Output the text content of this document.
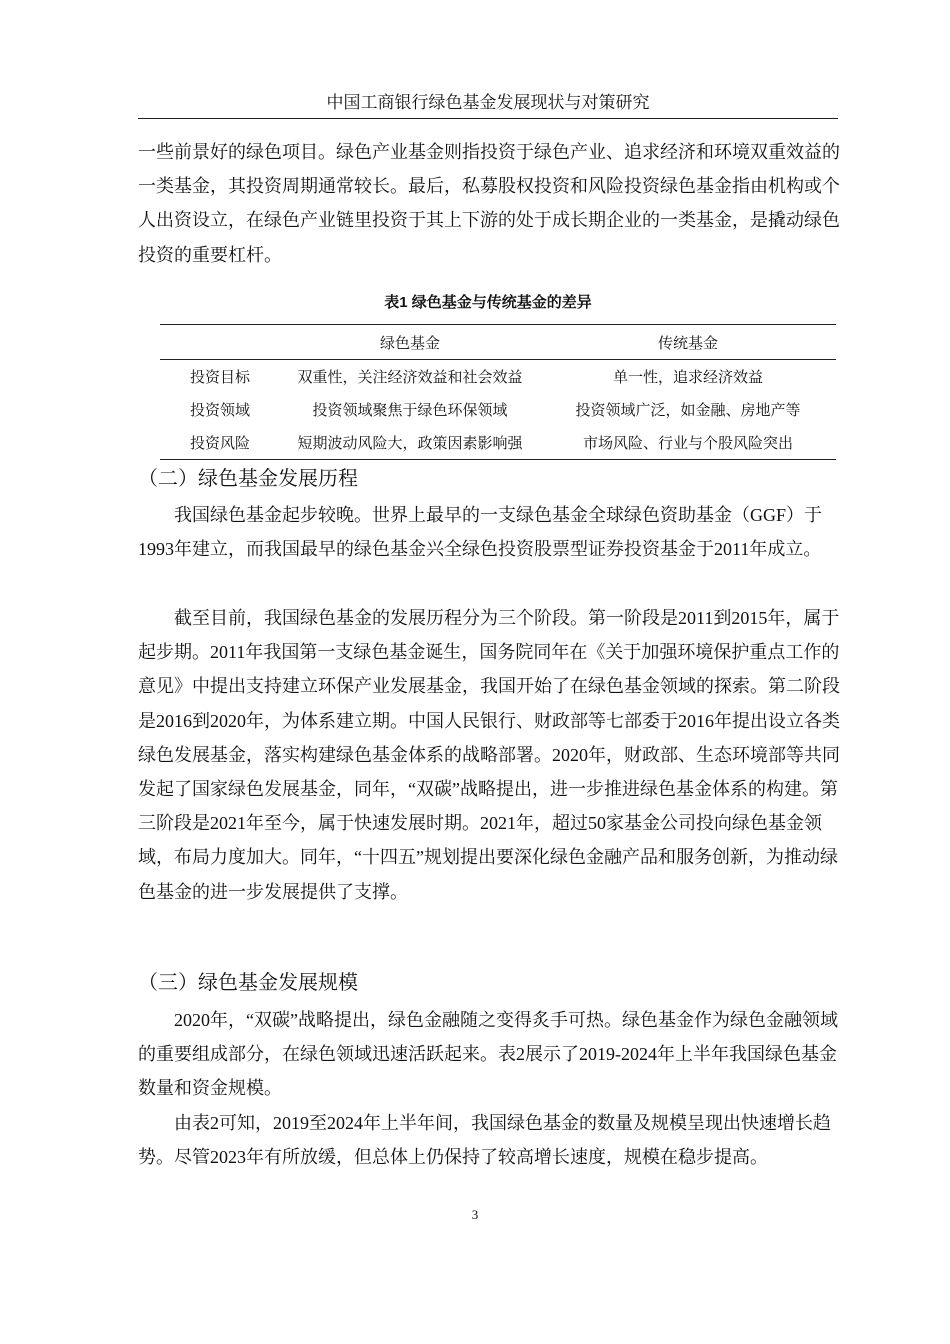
中国工商银行绿色基金发展现状与对策研究

一些前景好的绿色项目。绿色产业基金则指投资于绿色产业、追求经济和环境双重效益的一类基金，其投资周期通常较长。最后，私募股权投资和风险投资绿色基金指由机构或个人出资设立，在绿色产业链里投资于其上下游的处于成长期企业的一类基金，是撬动绿色投资的重要杠杆。

表1 绿色基金与传统基金的差异
	绿色基金	传统基金
投资目标	双重性，关注经济效益和社会效益	单一性，追求经济效益
投资领域	投资领域聚焦于绿色环保领域	投资领域广泛，如金融、房地产等
投资风险	短期波动风险大，政策因素影响强	市场风险、行业与个股风险突出
（二）绿色基金发展历程

我国绿色基金起步较晚。世界上最早的一支绿色基金全球绿色资助基金（GGF）于1993年建立，而我国最早的绿色基金兴全绿色投资股票型证券投资基金于2011年成立。

截至目前，我国绿色基金的发展历程分为三个阶段。第一阶段是2011到2015年，属于起步期。2011年我国第一支绿色基金诞生，国务院同年在《关于加强环境保护重点工作的意见》中提出支持建立环保产业发展基金，我国开始了在绿色基金领域的探索。第二阶段是2016到2020年，为体系建立期。中国人民银行、财政部等七部委于2016年提出设立各类绿色发展基金，落实构建绿色基金体系的战略部署。2020年，财政部、生态环境部等共同发起了国家绿色发展基金，同年，“双碳”战略提出，进一步推进绿色基金体系的构建。第三阶段是2021年至今，属于快速发展时期。2021年，超过50家基金公司投向绿色基金领域，布局力度加大。同年，“十四五”规划提出要深化绿色金融产品和服务创新，为推动绿色基金的进一步发展提供了支撑。

（三）绿色基金发展规模

2020年，“双碳”战略提出，绿色金融随之变得炙手可热。绿色基金作为绿色金融领域的重要组成部分，在绿色领域迅速活跃起来。表2展示了2019-2024年上半年我国绿色基金数量和资金规模。

由表2可知，2019至2024年上半年间，我国绿色基金的数量及规模呈现出快速增长趋势。尽管2023年有所放缓，但总体上仍保持了较高增长速度，规模在稳步提高。

3
